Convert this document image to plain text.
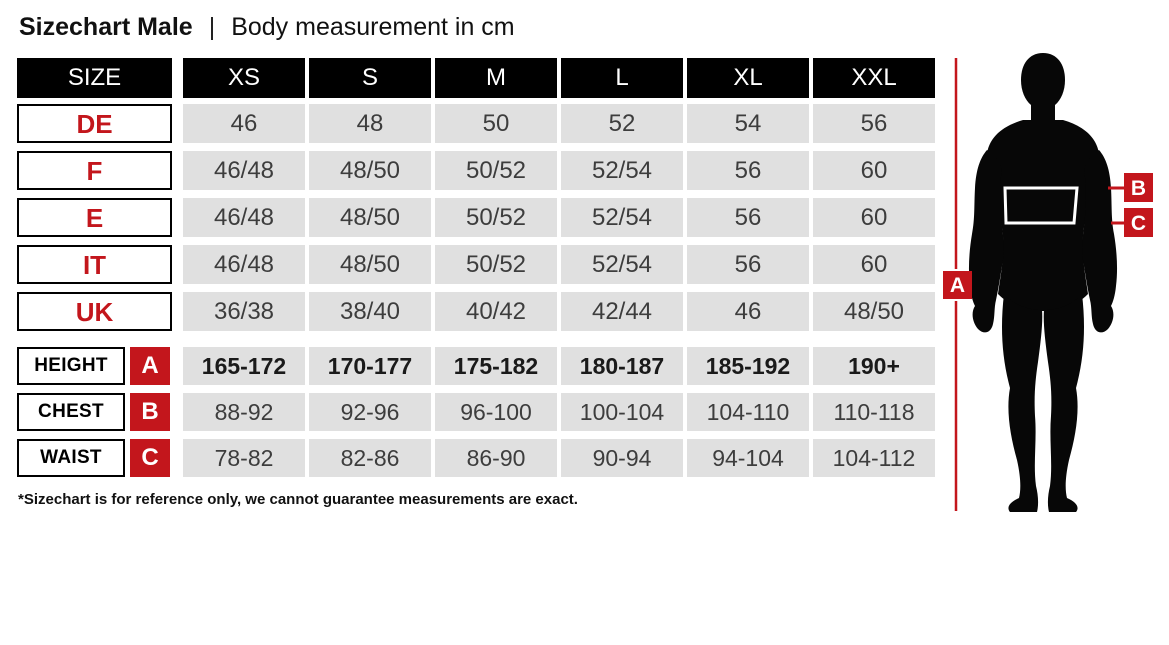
Sizechart Male | Body measurement in cm
SIZE	XS	S	M	L	XL	XXL
DE	46	48	50	52	54	56
F	46/48	48/50	50/52	52/54	56	60
E	46/48	48/50	50/52	52/54	56	60
IT	46/48	48/50	50/52	52/54	56	60
UK	36/38	38/40	40/42	42/44	46	48/50
HEIGHT	A	165-172	170-177	175-182	180-187	185-192	190+
CHEST	B	88-92	92-96	96-100	100-104	104-110	110-118
WAIST	C	78-82	82-86	86-90	90-94	94-104	104-112
*Sizechart is for reference only, we cannot guarantee measurements are exact.
B
C
A
